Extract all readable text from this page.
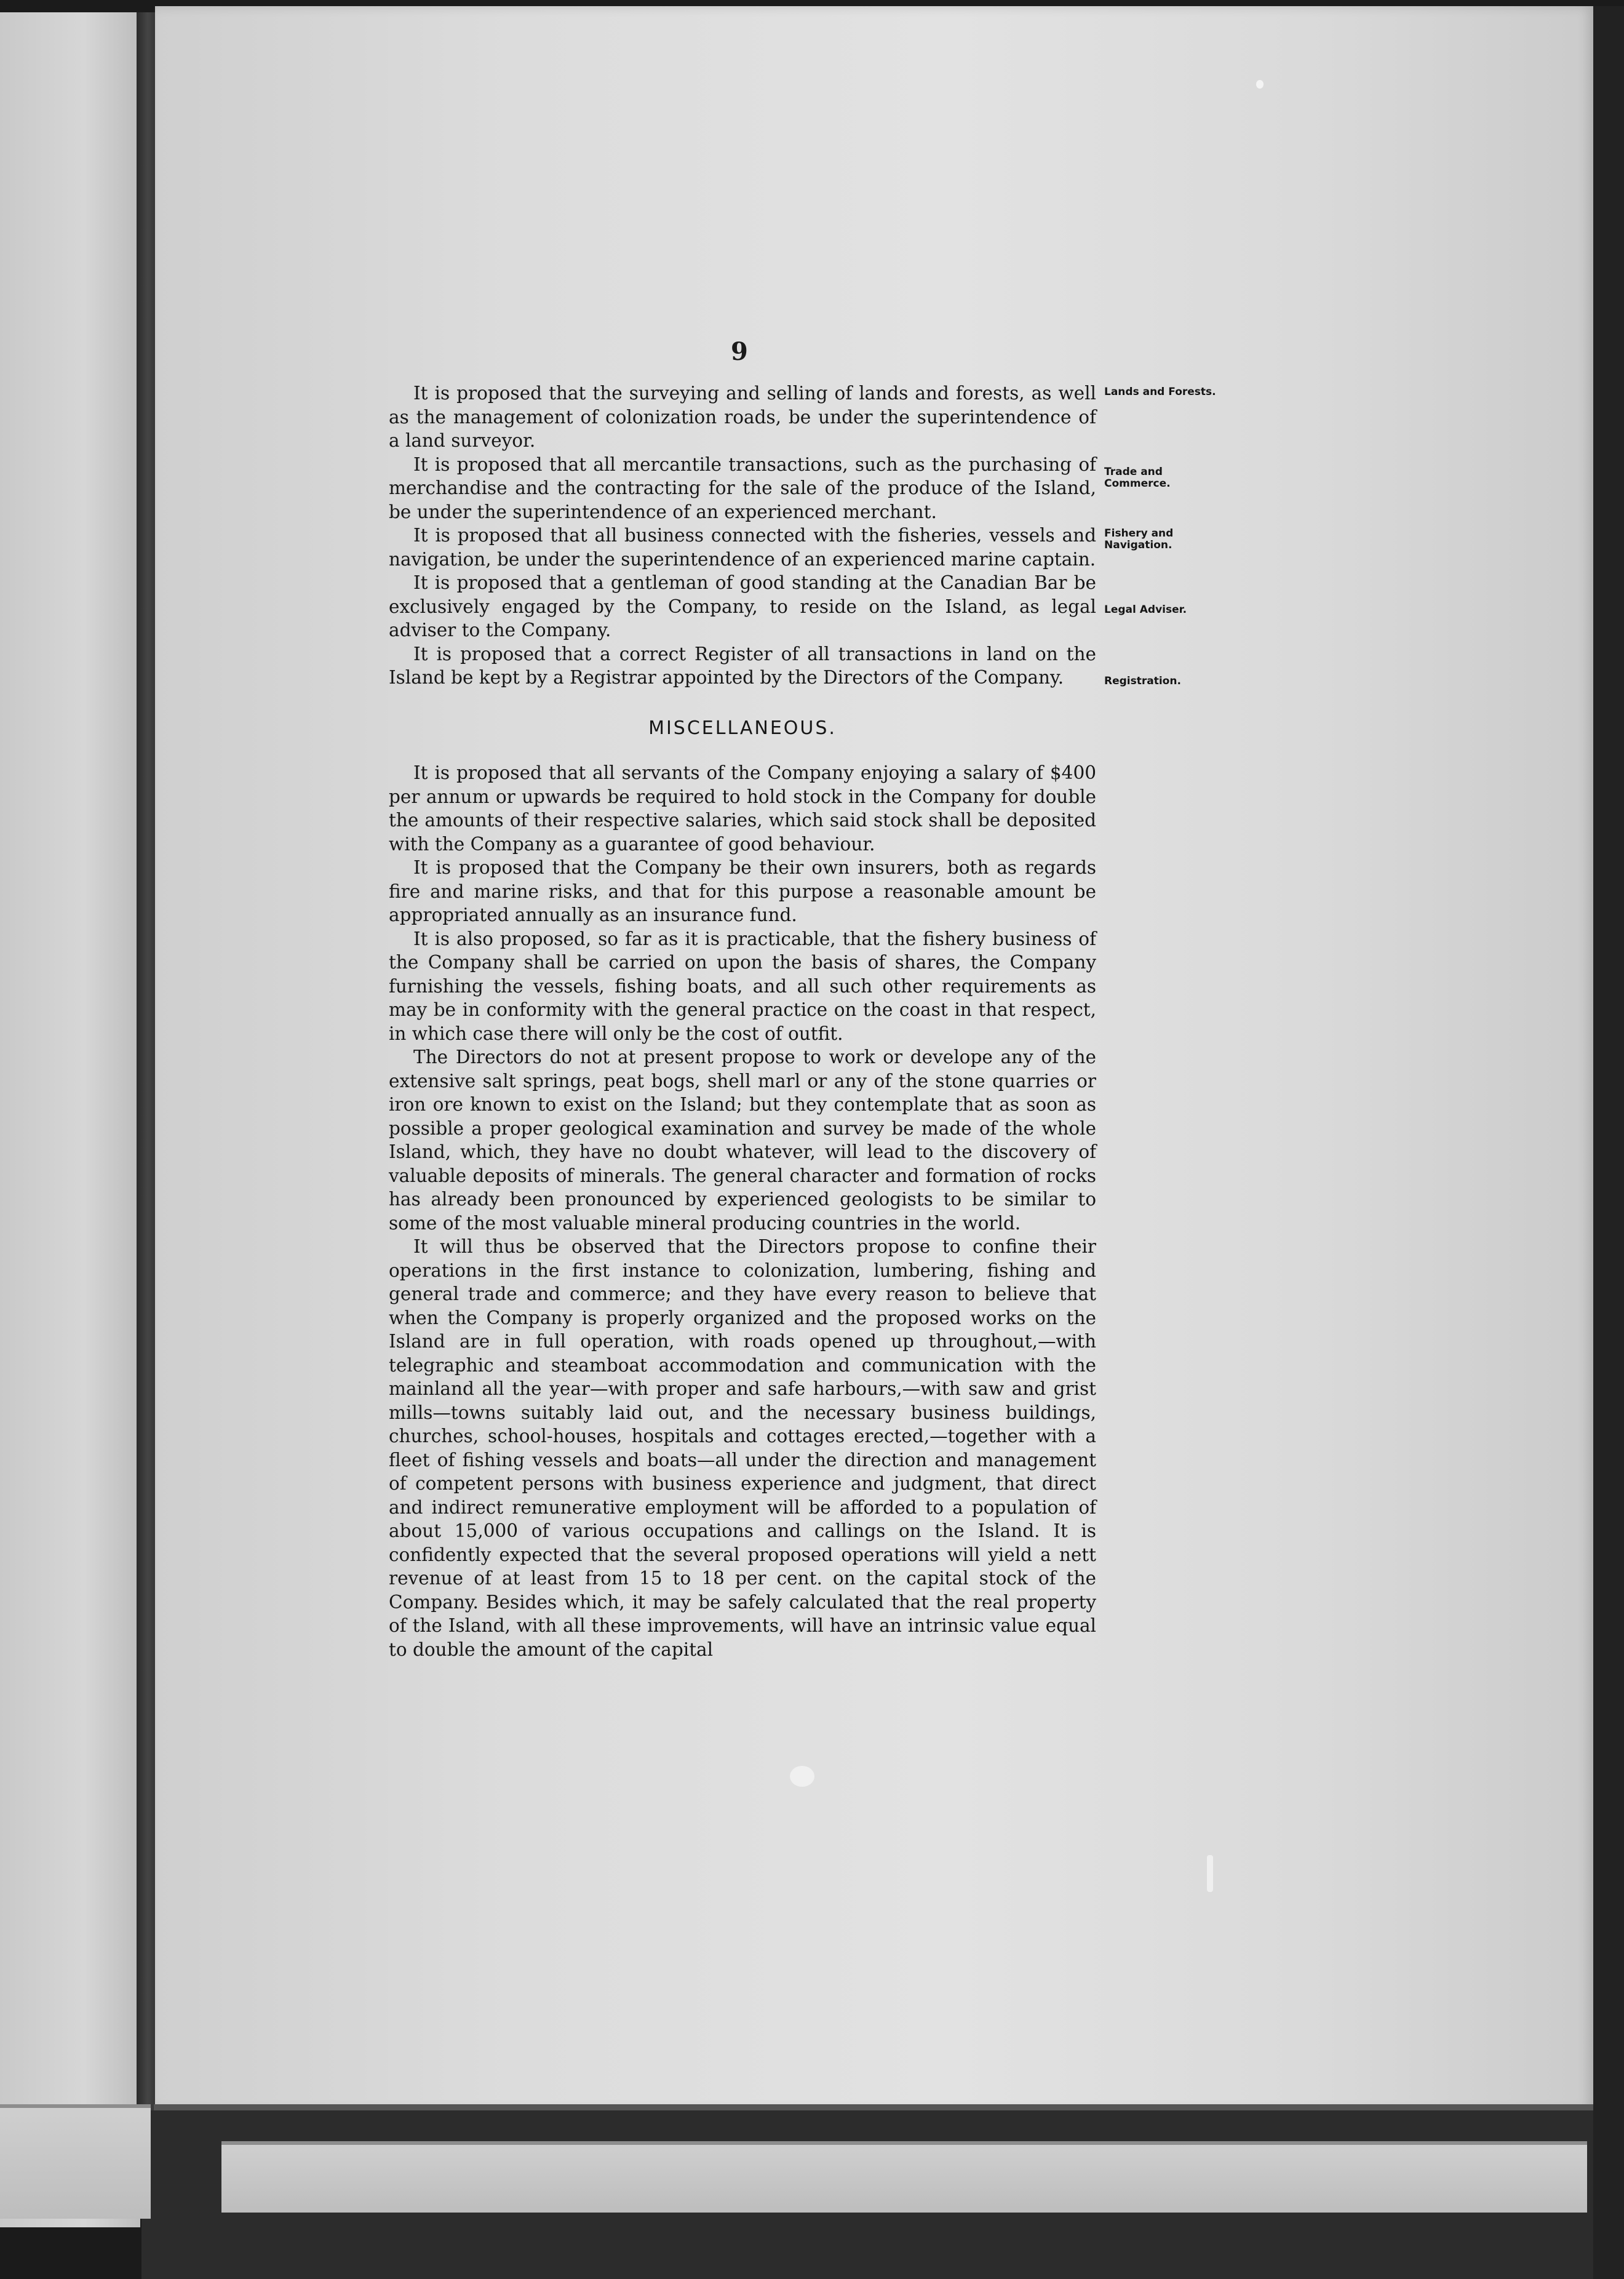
9
Lands and Forests.
Trade and Commerce.
Fishery and Navigation.
Legal Adviser.
Registration.

It is proposed that the surveying and selling of lands and forests, as well as the management of colonization roads, be under the superintendence of a land surveyor.

It is proposed that all mercantile transactions, such as the purchasing of merchandise and the contracting for the sale of the produce of the Island, be under the superintendence of an experienced merchant.

It is proposed that all business connected with the fisheries, vessels and navigation, be under the superintendence of an experienced marine captain.

It is proposed that a gentleman of good standing at the Canadian Bar be exclusively engaged by the Company, to reside on the Island, as legal adviser to the Company.

It is proposed that a correct Register of all transactions in land on the Island be kept by a Registrar appointed by the Directors of the Company.

MISCELLANEOUS.

It is proposed that all servants of the Company enjoying a salary of $400 per annum or upwards be required to hold stock in the Company for double the amounts of their respective salaries, which said stock shall be deposited with the Company as a guarantee of good behaviour.

It is proposed that the Company be their own insurers, both as regards fire and marine risks, and that for this purpose a reasonable amount be appropriated annually as an insurance fund.

It is also proposed, so far as it is practicable, that the fishery business of the Company shall be carried on upon the basis of shares, the Company furnishing the vessels, fishing boats, and all such other requirements as may be in conformity with the general practice on the coast in that respect, in which case there will only be the cost of outfit.

The Directors do not at present propose to work or develope any of the extensive salt springs, peat bogs, shell marl or any of the stone quarries or iron ore known to exist on the Island; but they contemplate that as soon as possible a proper geological examination and survey be made of the whole Island, which, they have no doubt whatever, will lead to the discovery of valuable deposits of minerals. The general character and formation of rocks has already been pronounced by experienced geologists to be similar to some of the most valuable mineral producing countries in the world.

It will thus be observed that the Directors propose to confine their operations in the first instance to colonization, lumbering, fishing and general trade and commerce; and they have every reason to believe that when the Company is properly organized and the proposed works on the Island are in full operation, with roads opened up throughout,—with telegraphic and steamboat accommodation and communication with the mainland all the year—with proper and safe harbours,—with saw and grist mills—towns suitably laid out, and the necessary business buildings, churches, school-houses, hospitals and cottages erected,—together with a fleet of fishing vessels and boats—all under the direction and management of competent persons with business experience and judgment, that direct and indirect remunerative employment will be afforded to a population of about 15,000 of various occupations and callings on the Island. It is confidently expected that the several proposed operations will yield a nett revenue of at least from 15 to 18 per cent. on the capital stock of the Company. Besides which, it may be safely calculated that the real property of the Island, with all these improvements, will have an intrinsic value equal to double the amount of the capital
